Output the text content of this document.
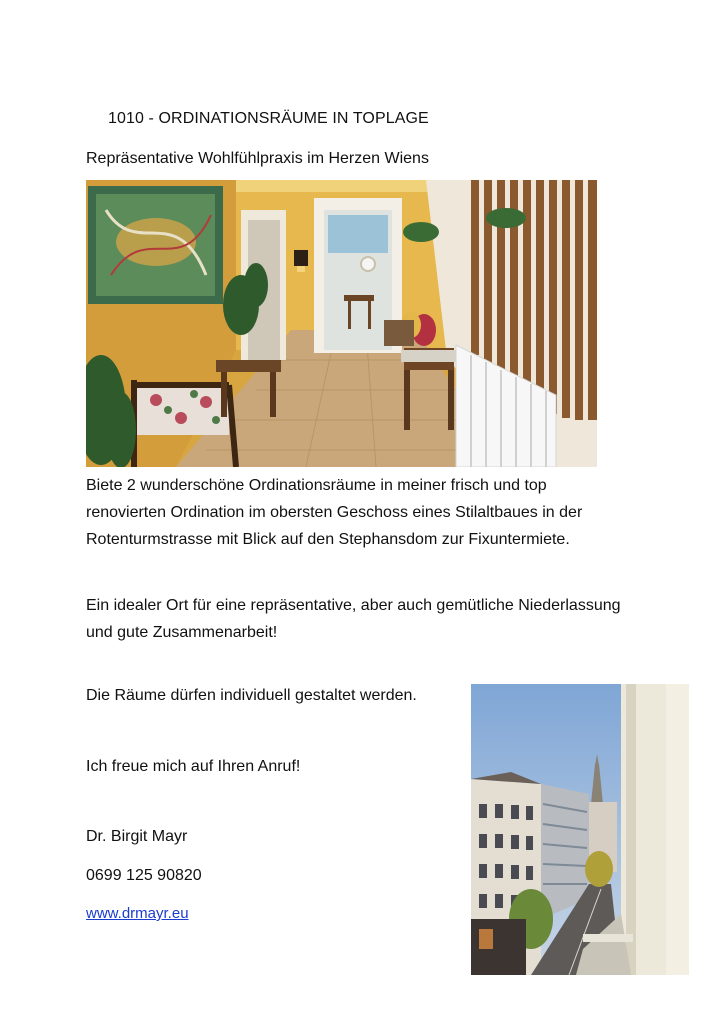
1010 - ORDINATIONSRÄUME IN TOPLAGE

Repräsentative Wohlfühlpraxis im Herzen Wiens

Biete 2 wunderschöne Ordinationsräume in meiner frisch und top renovierten Ordination im obersten Geschoss eines Stilaltbaues in der Rotenturmstrasse mit Blick auf den Stephansdom zur Fixuntermiete.

Ein idealer Ort für eine repräsentative, aber auch gemütliche Niederlassung und gute Zusammenarbeit!

Die Räume dürfen individuell gestaltet werden.

Ich freue mich auf Ihren Anruf!

Dr. Birgit Mayr

0699 125 90820

www.drmayr.eu
